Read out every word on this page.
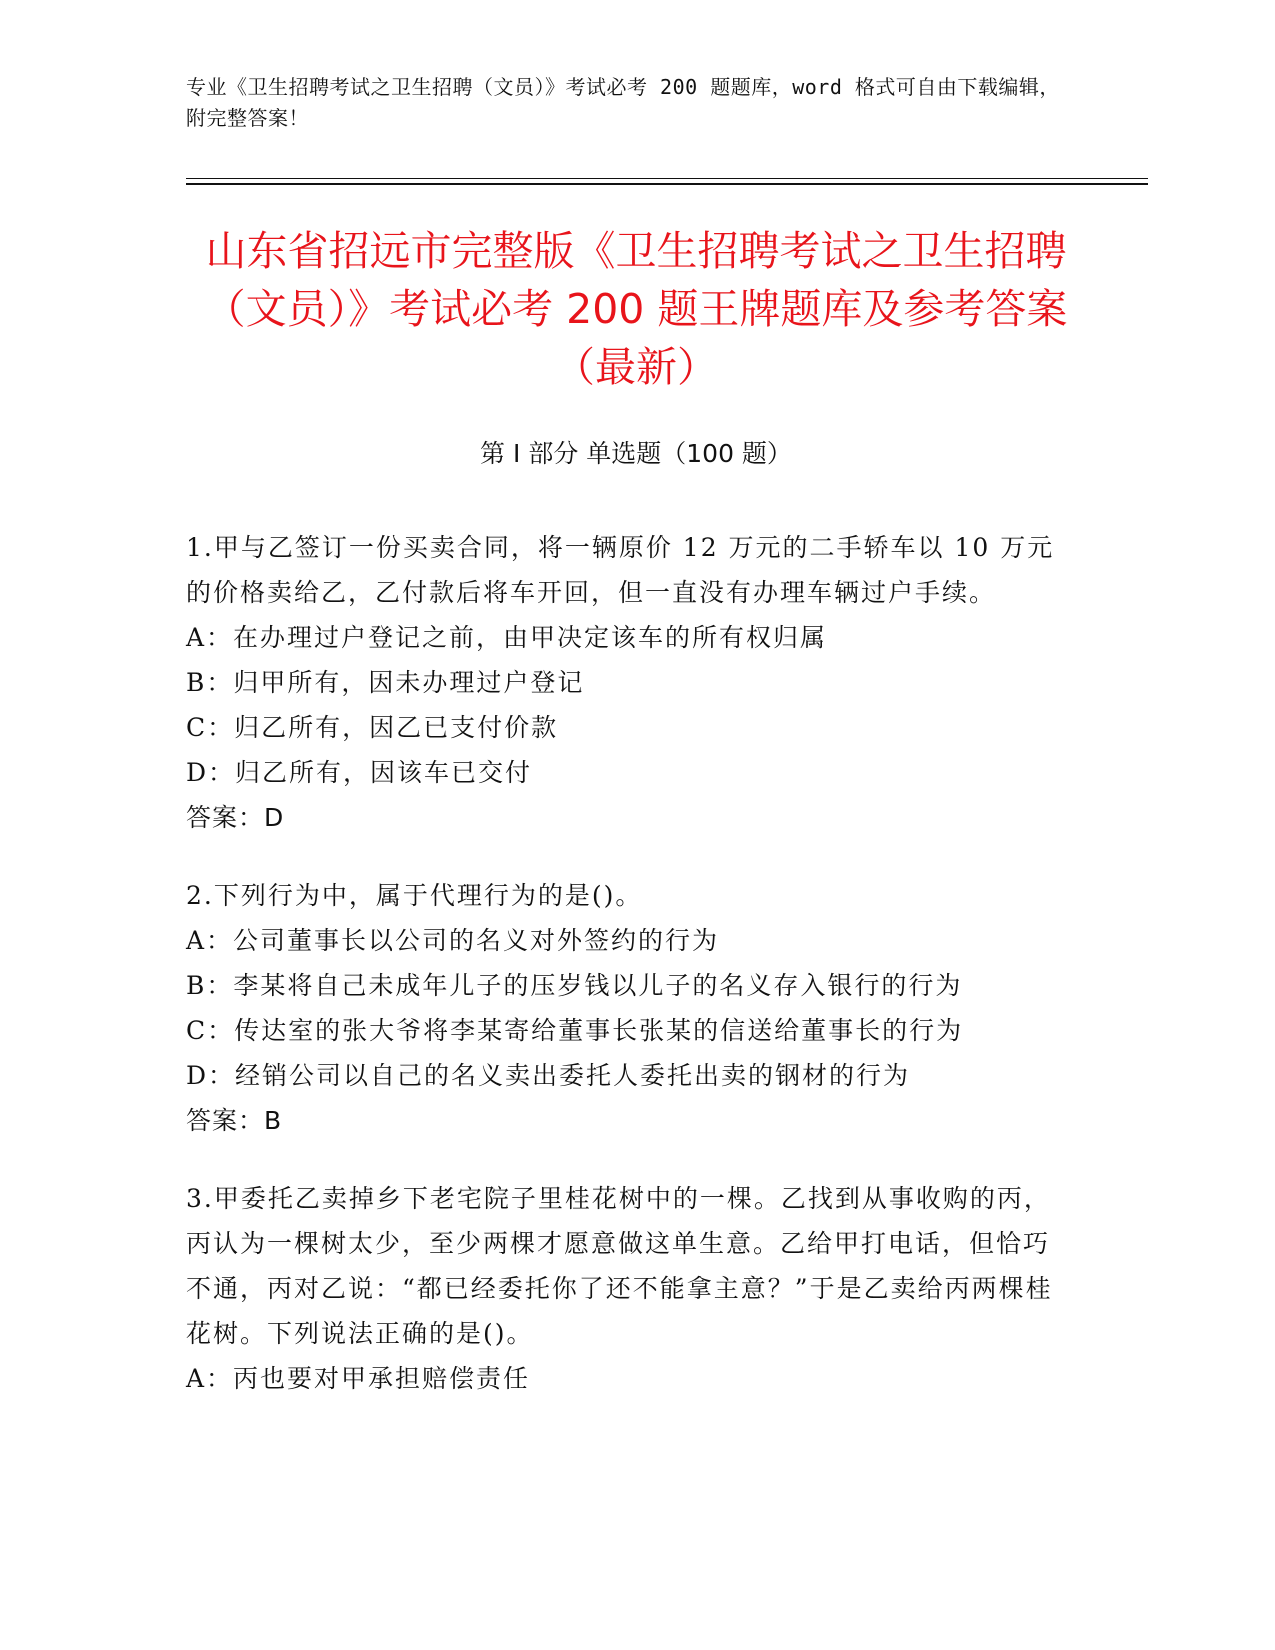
专业《卫生招聘考试之卫生招聘（文员）》考试必考 200 题题库，word 格式可自由下载编辑，附完整答案！
山东省招远市完整版《卫生招聘考试之卫生招聘（文员）》考试必考 200 题王牌题库及参考答案（最新）
第 I 部分 单选题（100 题）

1.甲与乙签订一份买卖合同，将一辆原价 12 万元的二手轿车以 10 万元的价格卖给乙，乙付款后将车开回，但一直没有办理车辆过户手续。

A：在办理过户登记之前，由甲决定该车的所有权归属

B：归甲所有，因未办理过户登记

C：归乙所有，因乙已支付价款

D：归乙所有，因该车已交付

答案：D

2.下列行为中，属于代理行为的是()。

A：公司董事长以公司的名义对外签约的行为

B：李某将自己未成年儿子的压岁钱以儿子的名义存入银行的行为

C：传达室的张大爷将李某寄给董事长张某的信送给董事长的行为

D：经销公司以自己的名义卖出委托人委托出卖的钢材的行为

答案：B

3.甲委托乙卖掉乡下老宅院子里桂花树中的一棵。乙找到从事收购的丙，丙认为一棵树太少，至少两棵才愿意做这单生意。乙给甲打电话，但恰巧不通，丙对乙说：“都已经委托你了还不能拿主意？”于是乙卖给丙两棵桂花树。下列说法正确的是()。

A：丙也要对甲承担赔偿责任
